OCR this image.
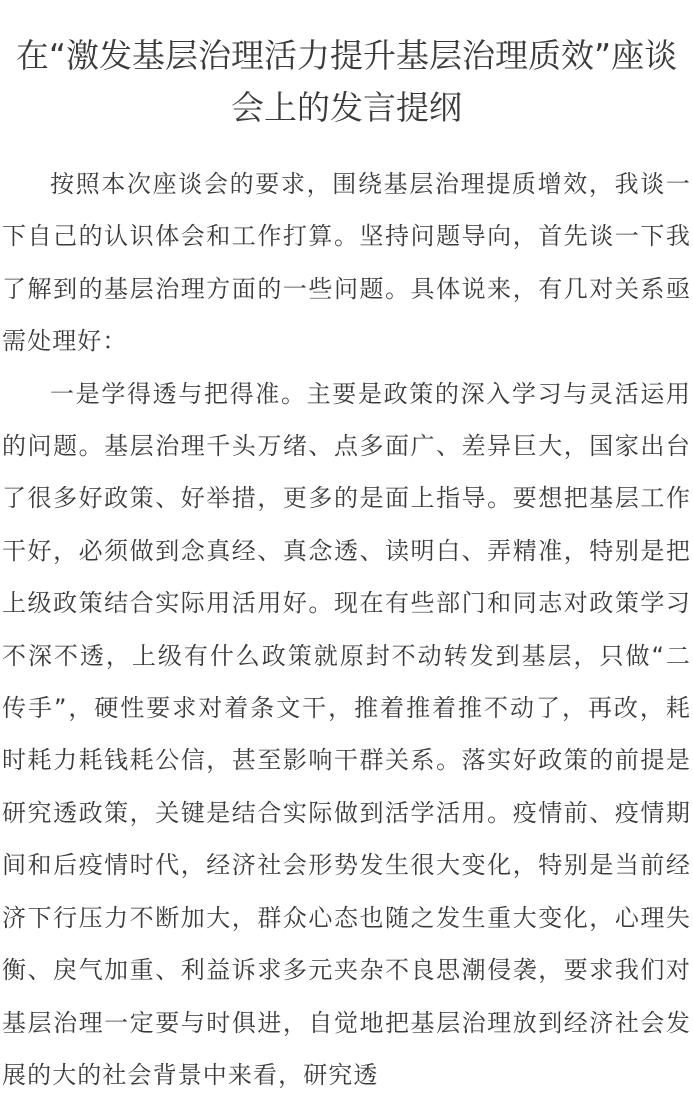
在“激发基层治理活力提升基层治理质效”座谈会上的发言提纲

按照本次座谈会的要求，围绕基层治理提质增效，我谈一下自己的认识体会和工作打算。坚持问题导向，首先谈一下我了解到的基层治理方面的一些问题。具体说来，有几对关系亟需处理好：

一是学得透与把得准。主要是政策的深入学习与灵活运用的问题。基层治理千头万绪、点多面广、差异巨大，国家出台了很多好政策、好举措，更多的是面上指导。要想把基层工作干好，必须做到念真经、真念透、读明白、弄精准，特别是把上级政策结合实际用活用好。现在有些部门和同志对政策学习不深不透，上级有什么政策就原封不动转发到基层，只做“二传手”，硬性要求对着条文干，推着推着推不动了，再改，耗时耗力耗钱耗公信，甚至影响干群关系。落实好政策的前提是研究透政策，关键是结合实际做到活学活用。疫情前、疫情期间和后疫情时代，经济社会形势发生很大变化，特别是当前经济下行压力不断加大，群众心态也随之发生重大变化，心理失衡、戾气加重、利益诉求多元夹杂不良思潮侵袭，要求我们对基层治理一定要与时俱进，自觉地把基层治理放到经济社会发展的大的社会背景中来看，研究透
